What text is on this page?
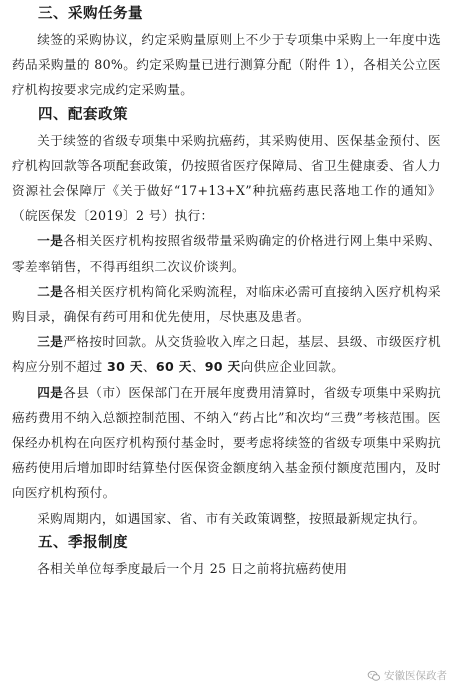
三、采购任务量

续签的采购协议，约定采购量原则上不少于专项集中采购上一年度中选药品采购量的 80%。约定采购量已进行测算分配（附件 1），各相关公立医疗机构按要求完成约定采购量。

四、配套政策

关于续签的省级专项集中采购抗癌药，其采购使用、医保基金预付、医疗机构回款等各项配套政策，仍按照省医疗保障局、省卫生健康委、省人力资源社会保障厅《关于做好“17+13+X”种抗癌药惠民落地工作的通知》（皖医保发〔2019〕2 号）执行：

一是各相关医疗机构按照省级带量采购确定的价格进行网上集中采购、零差率销售，不得再组织二次议价谈判。

二是各相关医疗机构简化采购流程，对临床必需可直接纳入医疗机构采购目录，确保有药可用和优先使用，尽快惠及患者。

三是严格按时回款。从交货验收入库之日起，基层、县级、市级医疗机构应分别不超过 30 天、60 天、90 天向供应企业回款。

四是各县（市）医保部门在开展年度费用清算时，省级专项集中采购抗癌药费用不纳入总额控制范围、不纳入“药占比”和次均“三费”考核范围。医保经办机构在向医疗机构预付基金时，要考虑将续签的省级专项集中采购抗癌药使用后增加即时结算垫付医保资金额度纳入基金预付额度范围内，及时向医疗机构预付。

采购周期内，如遇国家、省、市有关政策调整，按照最新规定执行。

五、季报制度

各相关单位每季度最后一个月 25 日之前将抗癌药使用

安徽医保政者
